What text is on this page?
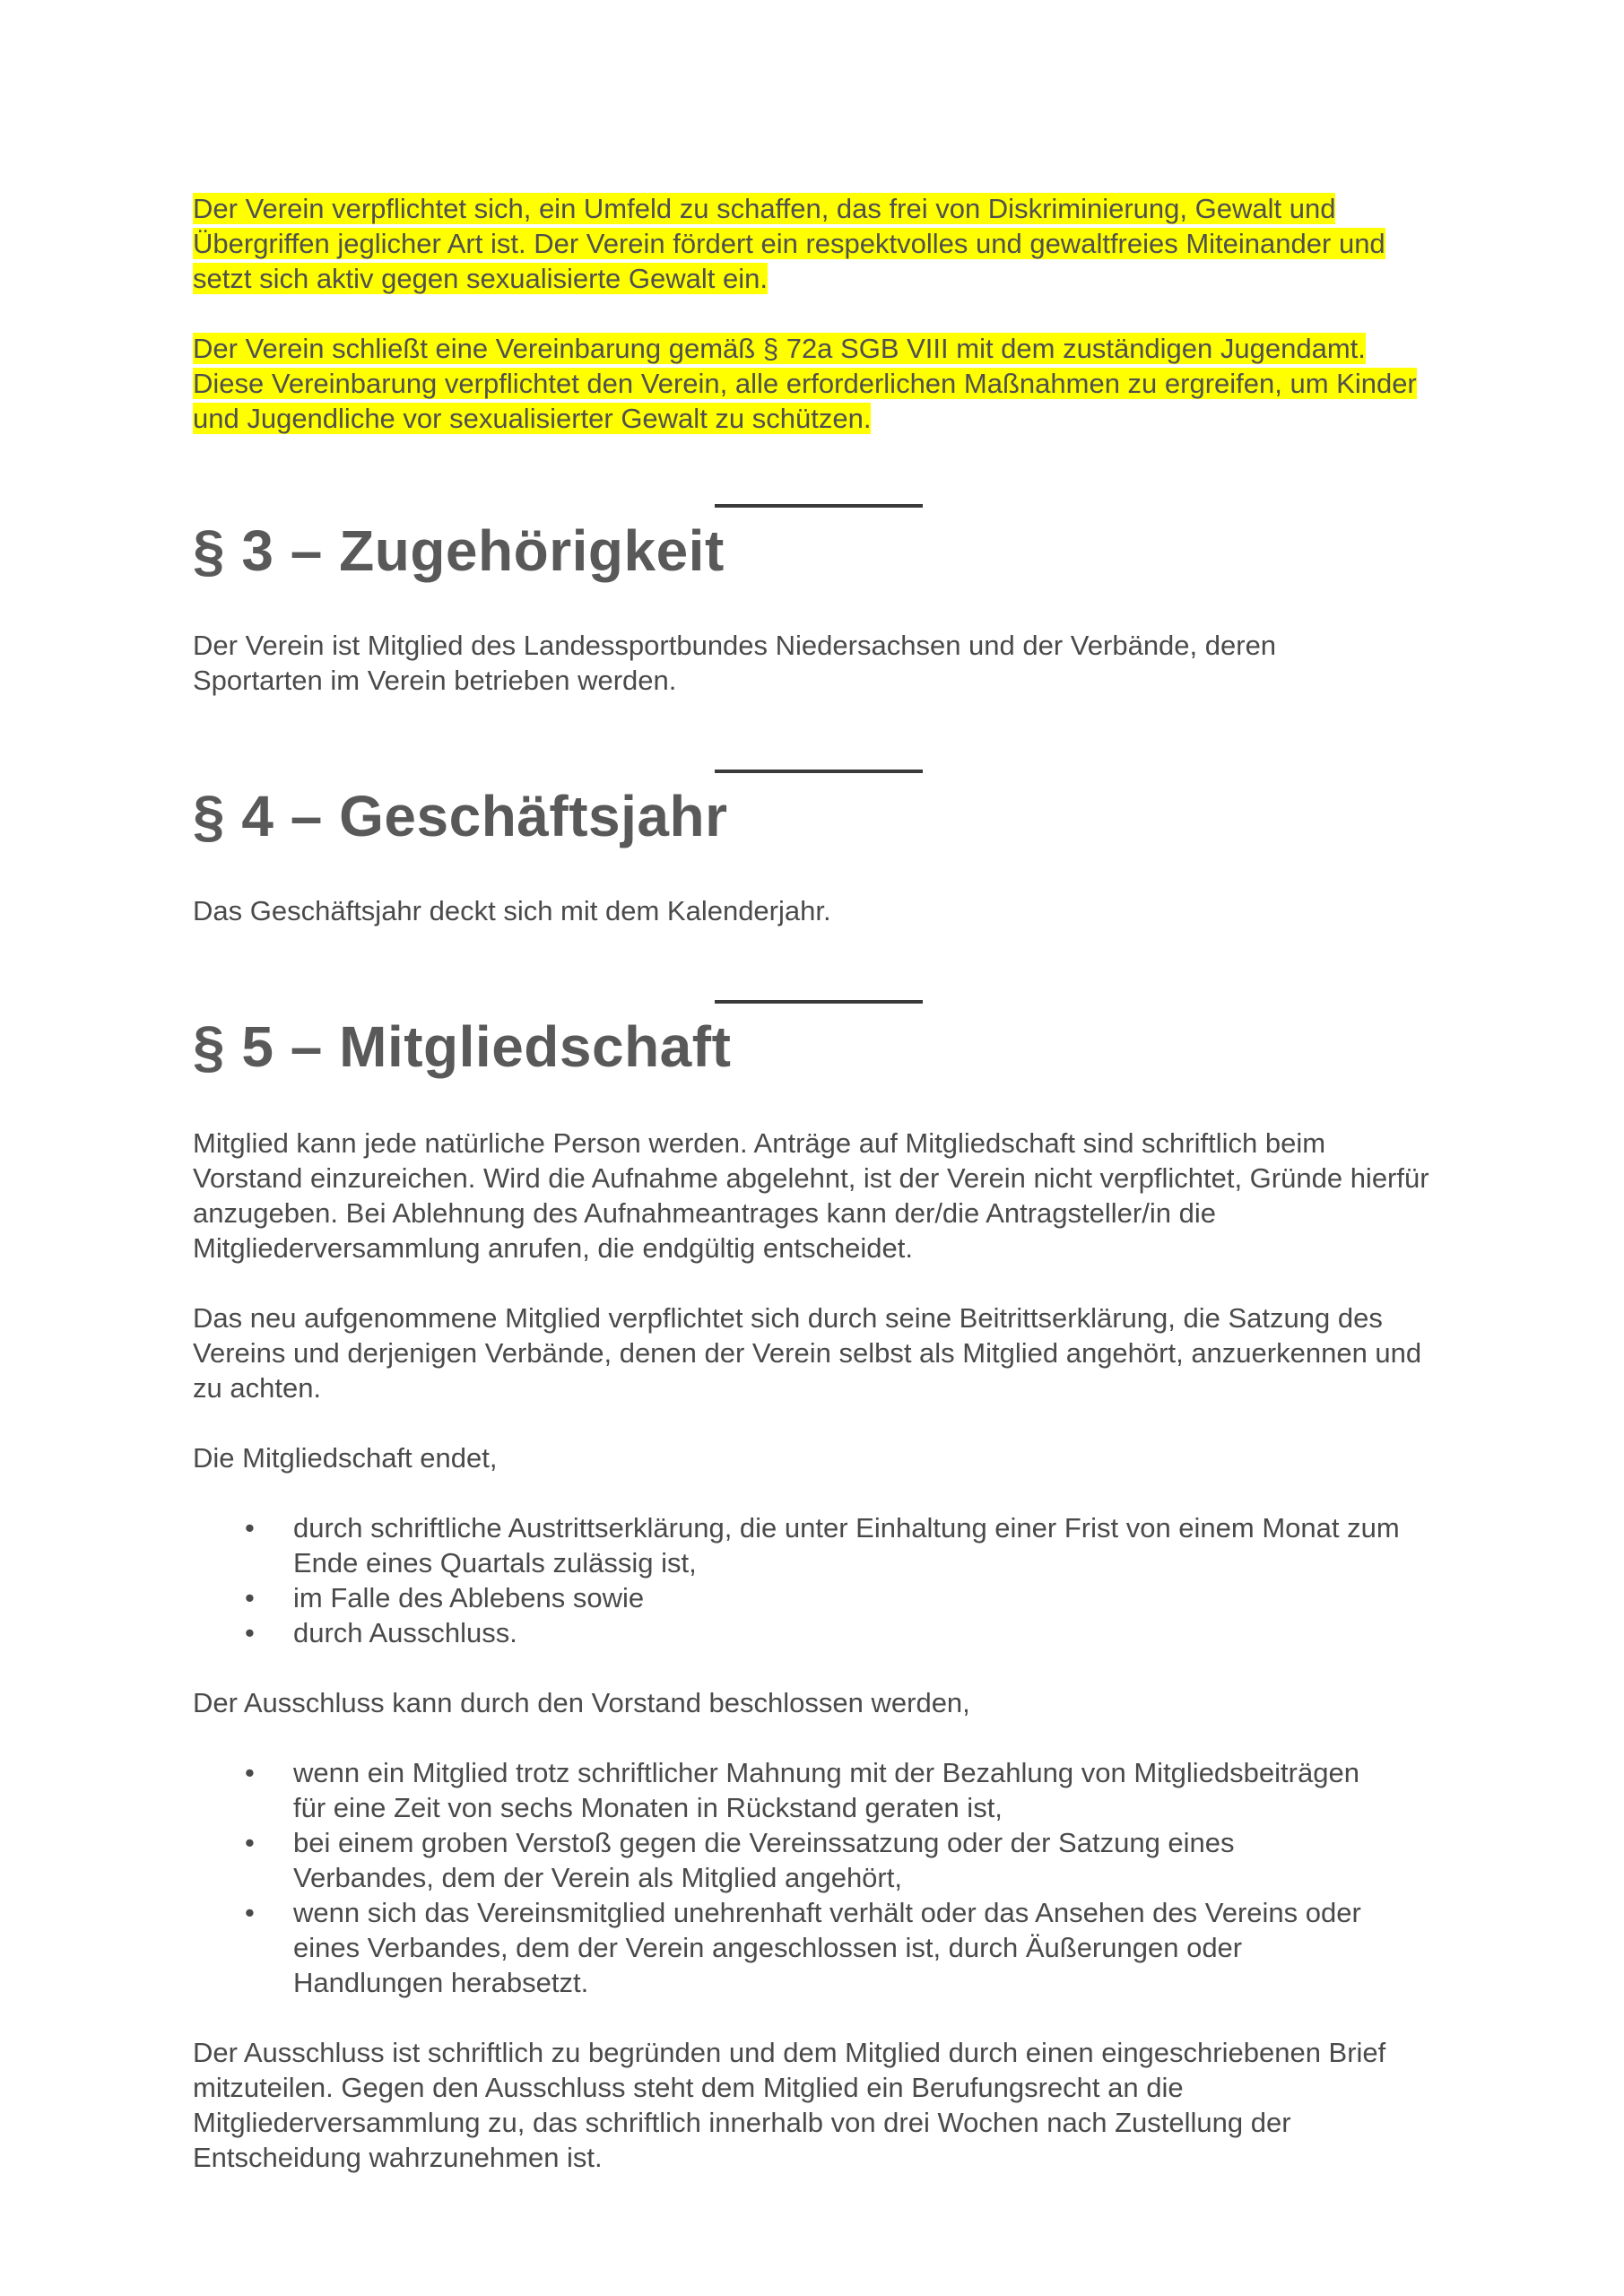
Der Verein verpflichtet sich, ein Umfeld zu schaffen, das frei von Diskriminierung, Gewalt und Übergriffen jeglicher Art ist. Der Verein fördert ein respektvolles und gewaltfreies Miteinander und setzt sich aktiv gegen sexualisierte Gewalt ein.

Der Verein schließt eine Vereinbarung gemäß § 72a SGB VIII mit dem zuständigen Jugendamt. Diese Vereinbarung verpflichtet den Verein, alle erforderlichen Maßnahmen zu ergreifen, um Kinder und Jugendliche vor sexualisierter Gewalt zu schützen.

§ 3 – Zugehörigkeit

Der Verein ist Mitglied des Landessportbundes Niedersachsen und der Verbände, deren Sportarten im Verein betrieben werden.

§ 4 – Geschäftsjahr

Das Geschäftsjahr deckt sich mit dem Kalenderjahr.

§ 5 – Mitgliedschaft

Mitglied kann jede natürliche Person werden. Anträge auf Mitgliedschaft sind schriftlich beim Vorstand einzureichen. Wird die Aufnahme abgelehnt, ist der Verein nicht verpflichtet, Gründe hierfür anzugeben. Bei Ablehnung des Aufnahmeantrages kann der/die Antragsteller/in die Mitgliederversammlung anrufen, die endgültig entscheidet.

Das neu aufgenommene Mitglied verpflichtet sich durch seine Beitrittserklärung, die Satzung des Vereins und derjenigen Verbände, denen der Verein selbst als Mitglied angehört, anzuerkennen und zu achten.

Die Mitgliedschaft endet,

• durch schriftliche Austrittserklärung, die unter Einhaltung einer Frist von einem Monat zum Ende eines Quartals zulässig ist,
• im Falle des Ablebens sowie
• durch Ausschluss.

Der Ausschluss kann durch den Vorstand beschlossen werden,

• wenn ein Mitglied trotz schriftlicher Mahnung mit der Bezahlung von Mitgliedsbeiträgen für eine Zeit von sechs Monaten in Rückstand geraten ist,
• bei einem groben Verstoß gegen die Vereinssatzung oder der Satzung eines Verbandes, dem der Verein als Mitglied angehört,
• wenn sich das Vereinsmitglied unehrenhaft verhält oder das Ansehen des Vereins oder eines Verbandes, dem der Verein angeschlossen ist, durch Äußerungen oder Handlungen herabsetzt.

Der Ausschluss ist schriftlich zu begründen und dem Mitglied durch einen eingeschriebenen Brief mitzuteilen. Gegen den Ausschluss steht dem Mitglied ein Berufungsrecht an die Mitgliederversammlung zu, das schriftlich innerhalb von drei Wochen nach Zustellung der Entscheidung wahrzunehmen ist.
